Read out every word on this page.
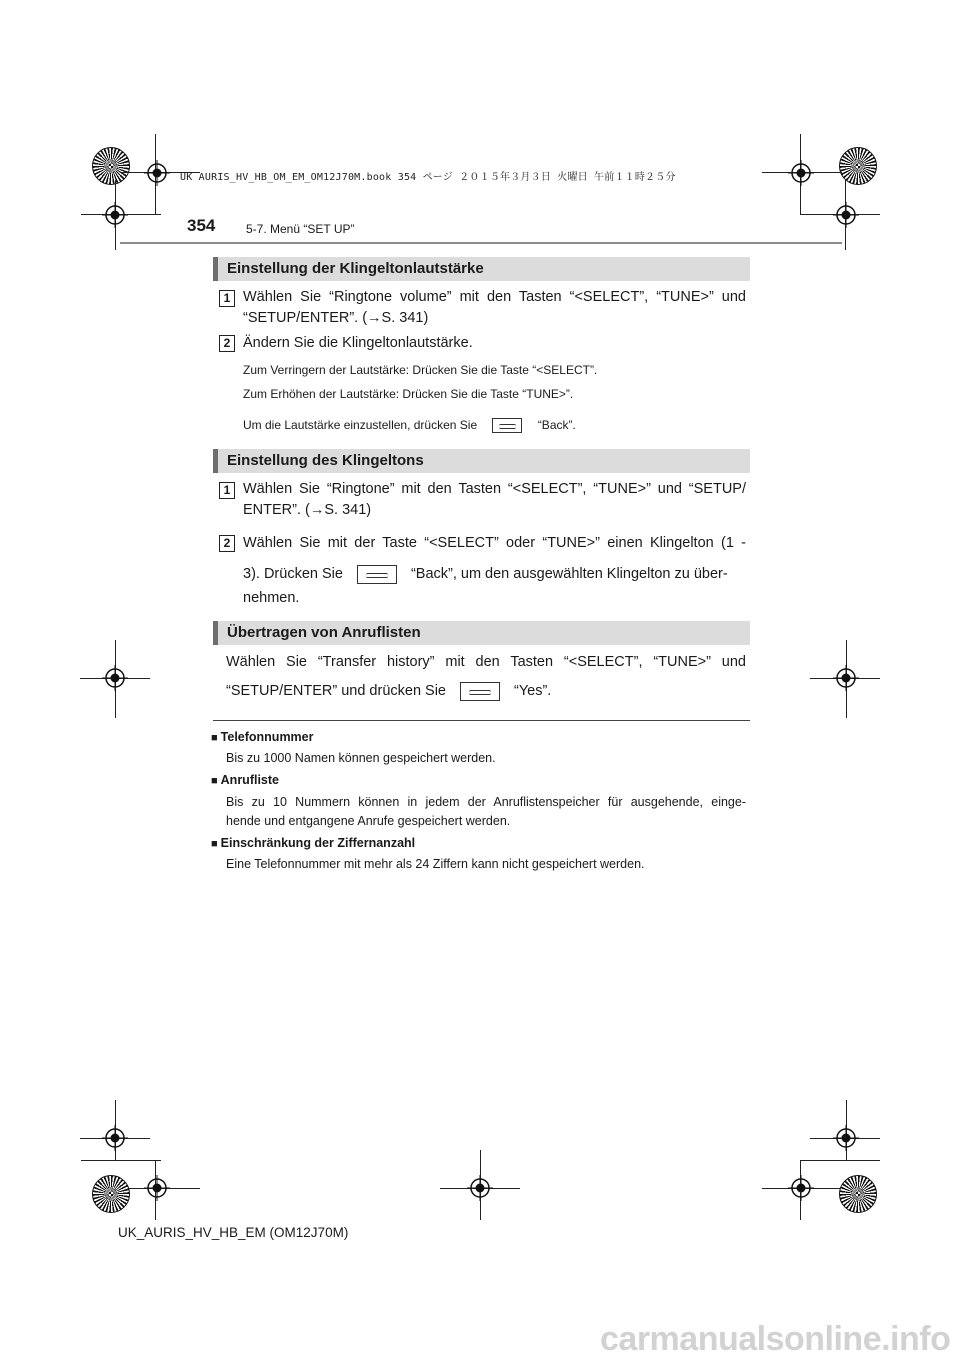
UK AURIS_HV_HB_OM_EM_OM12J70M.book 354 ページ ２０１５年３月３日 火曜日 午前１１時２５分
354	5-7. Menü “SET UP”
Einstellung der Klingeltonlautstärke
1 Wählen Sie “Ringtone volume” mit den Tasten “<SELECT”, “TUNE>” und
“SETUP/ENTER”. (→S. 341)
2 Ändern Sie die Klingeltonlautstärke.
Zum Verringern der Lautstärke: Drücken Sie die Taste “<SELECT”.
Zum Erhöhen der Lautstärke: Drücken Sie die Taste “TUNE>”.
Um die Lautstärke einzustellen, drücken Sie	“Back”.
Einstellung des Klingeltons
1 Wählen Sie “Ringtone” mit den Tasten “<SELECT”, “TUNE>” und “SETUP/
ENTER”. (→S. 341)
2 Wählen Sie mit der Taste “<SELECT” oder “TUNE>” einen Klingelton (1 -
3). Drücken Sie	“Back”, um den ausgewählten Klingelton zu über-
nehmen.
Übertragen von Anruflisten
Wählen Sie “Transfer history” mit den Tasten “<SELECT”, “TUNE>” und
“SETUP/ENTER” und drücken Sie	“Yes”.
■ Telefonnummer
Bis zu 1000 Namen können gespeichert werden.
■ Anrufliste
Bis zu 10 Nummern können in jedem der Anruflistenspeicher für ausgehende, einge-
hende und entgangene Anrufe gespeichert werden.
■ Einschränkung der Ziffernanzahl
Eine Telefonnummer mit mehr als 24 Ziffern kann nicht gespeichert werden.
UK_AURIS_HV_HB_EM (OM12J70M)
carmanualsonline.info
